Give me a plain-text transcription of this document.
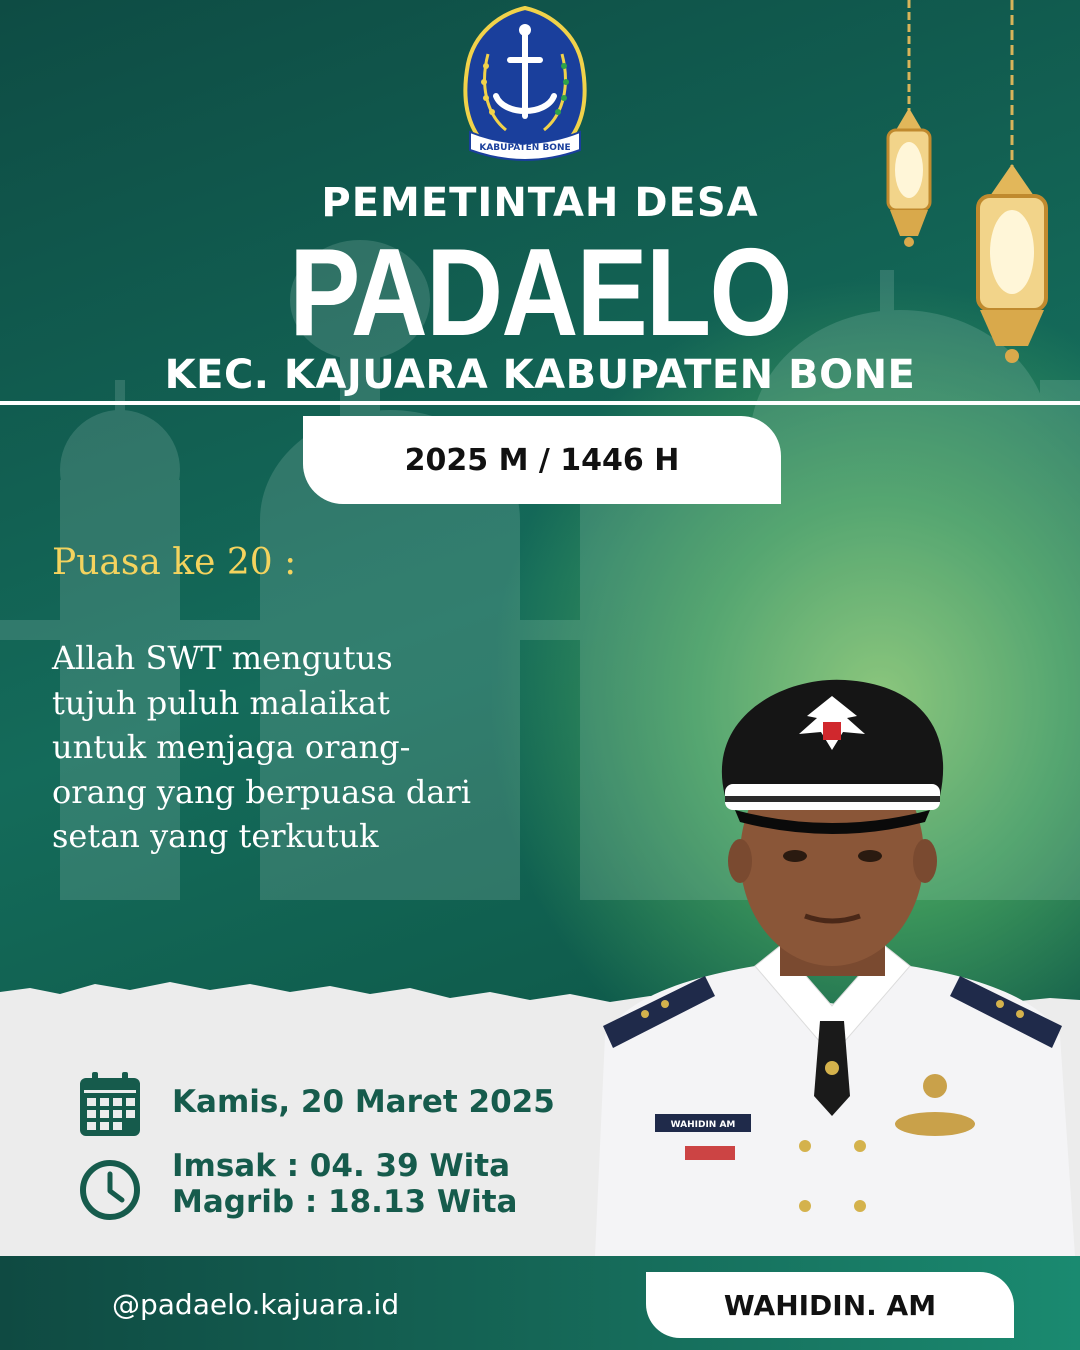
KABUPATEN BONE
PEMETINTAH DESA
PADAELO
KEC. KAJUARA KABUPATEN BONE
2025 M / 1446 H
Puasa ke 20 :
Allah SWT mengutus
tujuh puluh malaikat
untuk menjaga orang-
orang yang berpuasa dari
setan yang terkutuk
Kamis, 20 Maret 2025
Imsak : 04. 39 Wita
Magrib : 18.13 Wita
WAHIDIN AM
@padaelo.kajuara.id	WAHIDIN. AM
